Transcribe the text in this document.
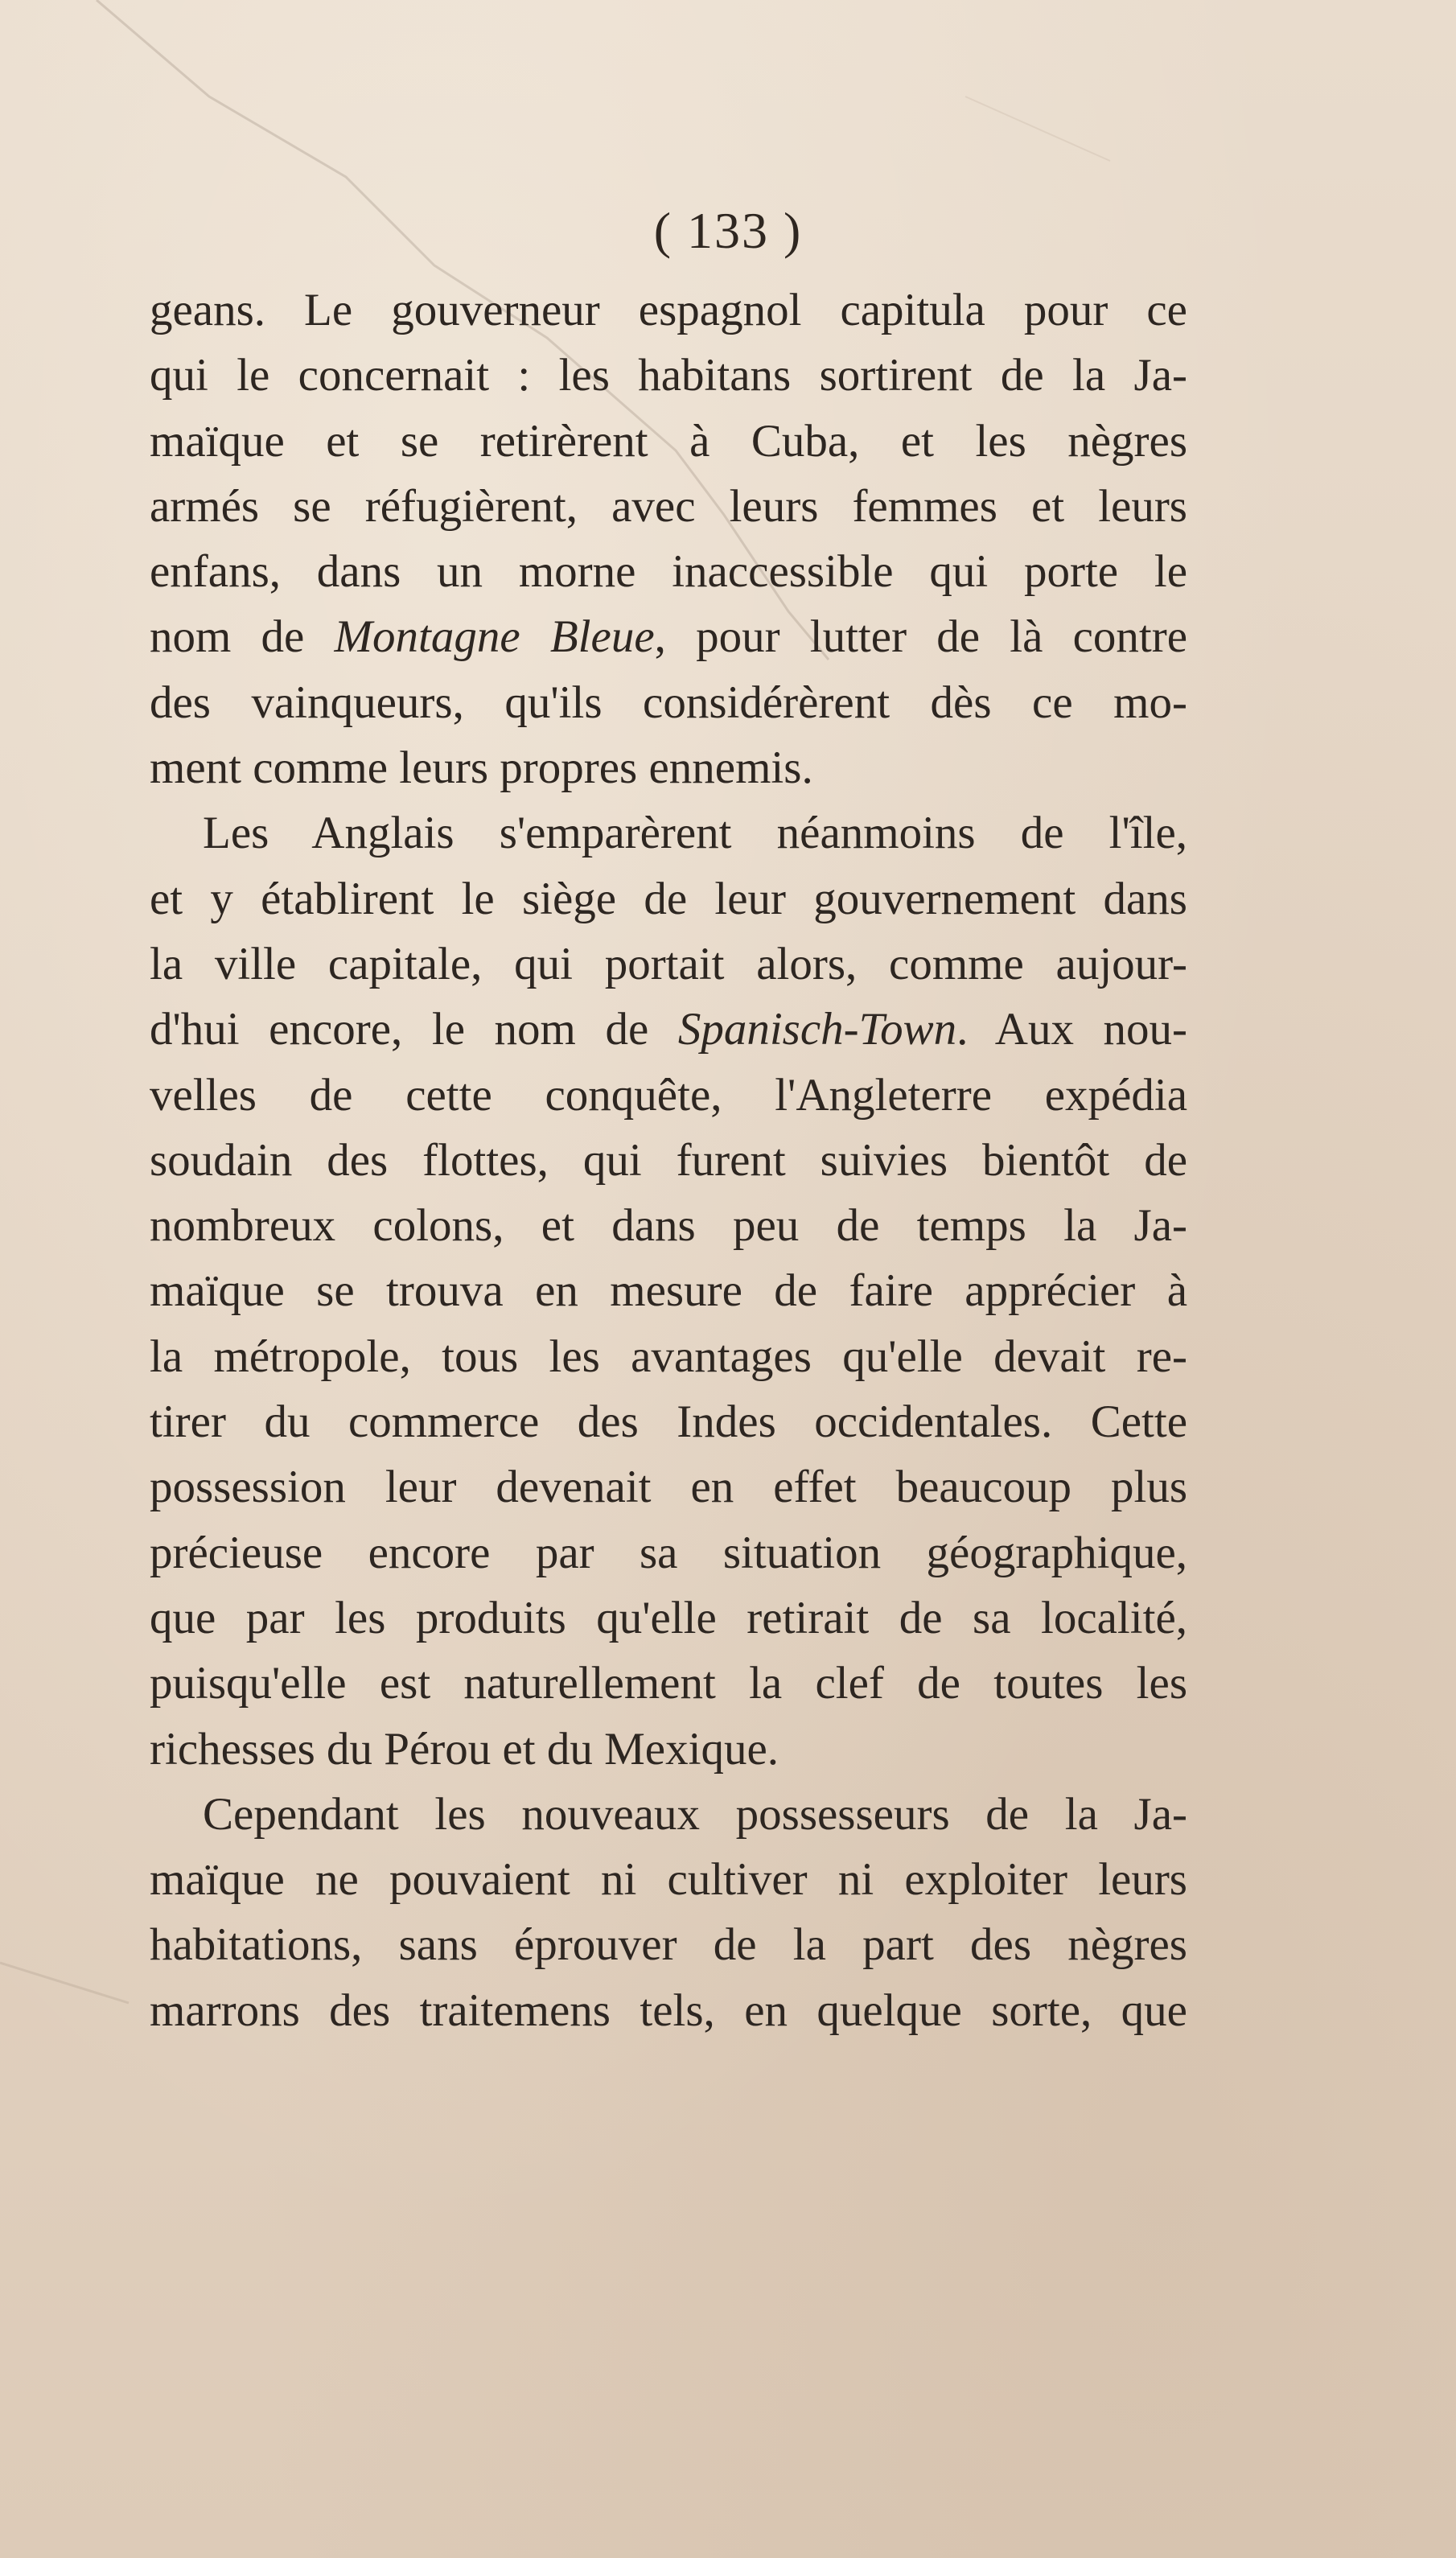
( 133 )
geans. Le gouverneur espagnol capitula pour ce
qui le concernait : les habitans sortirent de la Ja-
maïque et se retirèrent à Cuba, et les nègres
armés se réfugièrent, avec leurs femmes et leurs
enfans, dans un morne inaccessible qui porte le
nom de Montagne Bleue, pour lutter de là contre
des vainqueurs, qu'ils considérèrent dès ce mo-
ment comme leurs propres ennemis.
Les Anglais s'emparèrent néanmoins de l'île,
et y établirent le siège de leur gouvernement dans
la ville capitale, qui portait alors, comme aujour-
d'hui encore, le nom de Spanisch-Town. Aux nou-
velles de cette conquête, l'Angleterre expédia
soudain des flottes, qui furent suivies bientôt de
nombreux colons, et dans peu de temps la Ja-
maïque se trouva en mesure de faire apprécier à
la métropole, tous les avantages qu'elle devait re-
tirer du commerce des Indes occidentales. Cette
possession leur devenait en effet beaucoup plus
précieuse encore par sa situation géographique,
que par les produits qu'elle retirait de sa localité,
puisqu'elle est naturellement la clef de toutes les
richesses du Pérou et du Mexique.
Cependant les nouveaux possesseurs de la Ja-
maïque ne pouvaient ni cultiver ni exploiter leurs
habitations, sans éprouver de la part des nègres
marrons des traitemens tels, en quelque sorte, que
